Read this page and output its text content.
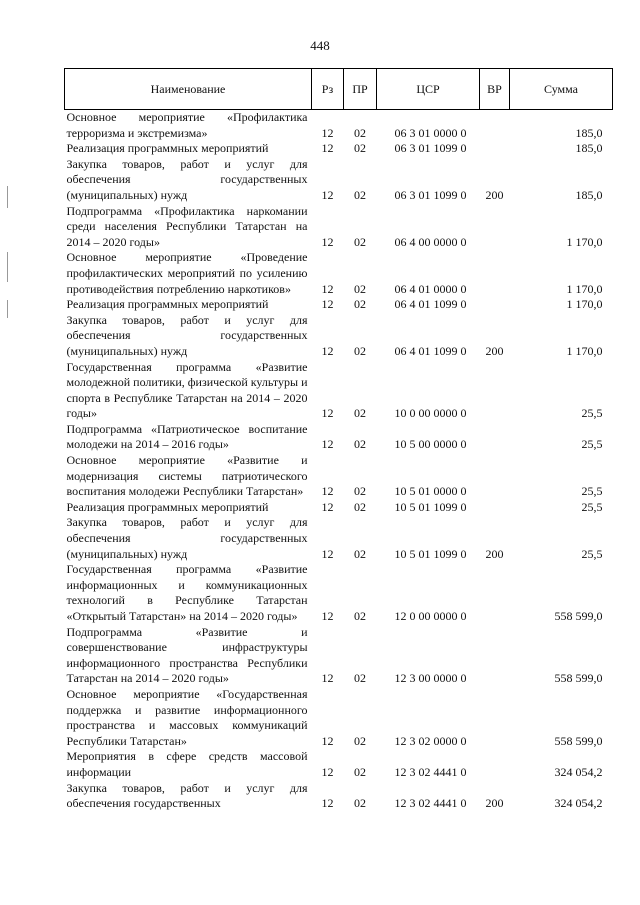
448
Наименование	Рз	ПР	ЦСР	ВР	Сумма
Основное мероприятие «Профилактика терроризма и экстремизма»	12	02	06 3 01 0000 0		185,0
Реализация программных мероприятий	12	02	06 3 01 1099 0		185,0
Закупка товаров, работ и услуг для обеспечения государственных (муниципальных) нужд	12	02	06 3 01 1099 0	200	185,0
Подпрограмма «Профилактика наркомании среди населения Республики Татарстан на 2014 – 2020 годы»	12	02	06 4 00 0000 0		1 170,0
Основное мероприятие «Проведение профилактических мероприятий по усилению противодействия потреблению наркотиков»	12	02	06 4 01 0000 0		1 170,0
Реализация программных мероприятий	12	02	06 4 01 1099 0		1 170,0
Закупка товаров, работ и услуг для обеспечения государственных (муниципальных) нужд	12	02	06 4 01 1099 0	200	1 170,0
Государственная программа «Развитие молодежной политики, физической культуры и спорта в Республике Татарстан на 2014 – 2020 годы»	12	02	10 0 00 0000 0		25,5
Подпрограмма «Патриотическое воспитание молодежи на 2014 – 2016 годы»	12	02	10 5 00 0000 0		25,5
Основное мероприятие «Развитие и модернизация системы патриотического воспитания молодежи Республики Татарстан»	12	02	10 5 01 0000 0		25,5
Реализация программных мероприятий	12	02	10 5 01 1099 0		25,5
Закупка товаров, работ и услуг для обеспечения государственных (муниципальных) нужд	12	02	10 5 01 1099 0	200	25,5
Государственная программа «Развитие информационных и коммуникационных технологий в Республике Татарстан «Открытый Татарстан» на 2014 – 2020 годы»	12	02	12 0 00 0000 0		558 599,0
Подпрограмма «Развитие и совершенствование инфраструктуры информационного пространства Республики Татарстан на 2014 – 2020 годы»	12	02	12 3 00 0000 0		558 599,0
Основное мероприятие «Государственная поддержка и развитие информационного пространства и массовых коммуникаций Республики Татарстан»	12	02	12 3 02 0000 0		558 599,0
Мероприятия в сфере средств массовой информации	12	02	12 3 02 4441 0		324 054,2
Закупка товаров, работ и услуг для обеспечения государственных	12	02	12 3 02 4441 0	200	324 054,2
